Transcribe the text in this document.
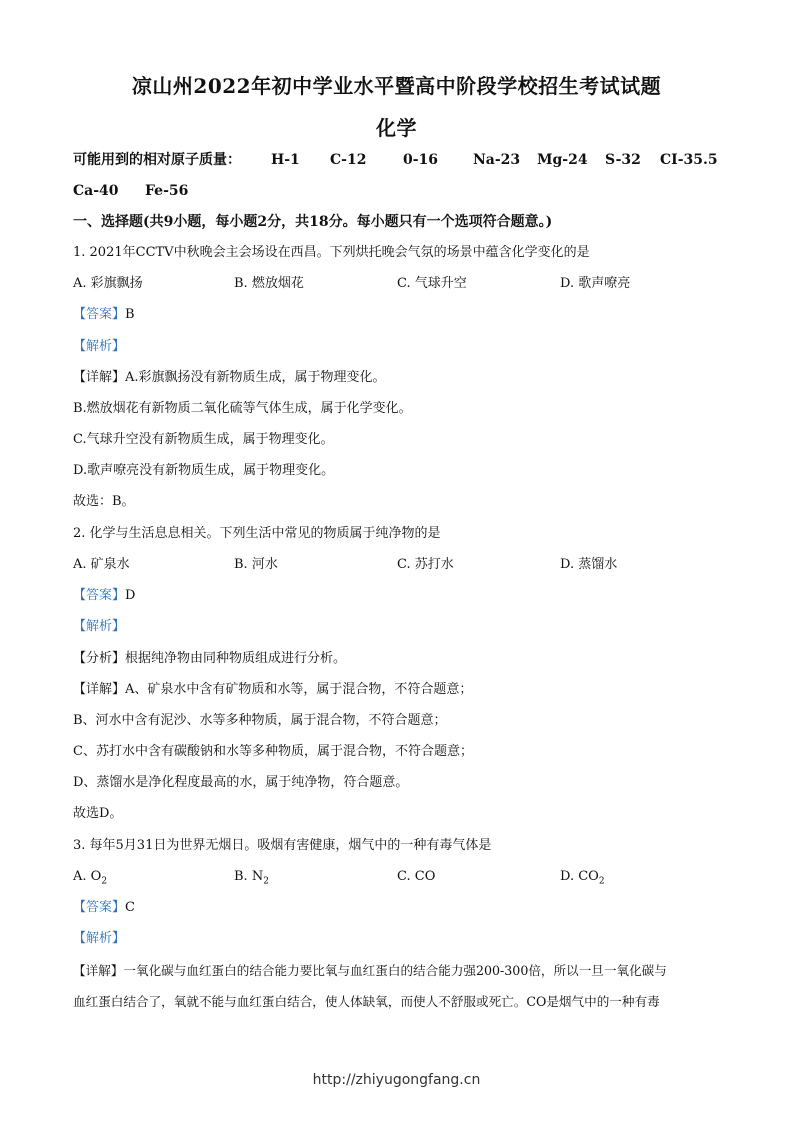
凉山州2022年初中学业水平暨高中阶段学校招生考试试题
化学
可能用到的相对原子质量： H-1 C-12	0-16 Na-23 Mg-24 S-32 CI-35.5
Ca-40 Fe-56
一、选择题(共9小题，每小题2分，共18分。每小题只有一个选项符合题意。)
1. 2021年CCTV中秋晚会主会场设在西昌。下列烘托晚会气氛的场景中蕴含化学变化的是
A. 彩旗飘扬	B. 燃放烟花	C. 气球升空	D. 歌声嘹亮
【答案】B
【解析】
【详解】A.彩旗飘扬没有新物质生成，属于物理变化。
B.燃放烟花有新物质二氧化硫等气体生成，属于化学变化。
C.气球升空没有新物质生成，属于物理变化。
D.歌声嘹亮没有新物质生成，属于物理变化。
故选：B。
2. 化学与生活息息相关。下列生活中常见的物质属于纯净物的是
A. 矿泉水	B. 河水	C. 苏打水	D. 蒸馏水
【答案】D
【解析】
【分析】根据纯净物由同种物质组成进行分析。
【详解】A、矿泉水中含有矿物质和水等，属于混合物，不符合题意；
B、河水中含有泥沙、水等多种物质，属于混合物，不符合题意；
C、苏打水中含有碳酸钠和水等多种物质，属于混合物，不符合题意；
D、蒸馏水是净化程度最高的水，属于纯净物，符合题意。
故选D。
3. 每年5月31日为世界无烟日。吸烟有害健康，烟气中的一种有毒气体是
A. $O_2$	B. $N_2$	C. CO	D. $CO_2$
【答案】C
【解析】
【详解】一氧化碳与血红蛋白的结合能力要比氧与血红蛋白的结合能力强200-300倍，所以一旦一氧化碳与
血红蛋白结合了，氧就不能与血红蛋白结合，使人体缺氧，而使人不舒服或死亡。CO是烟气中的一种有毒
http://zhiyugongfang.cn
